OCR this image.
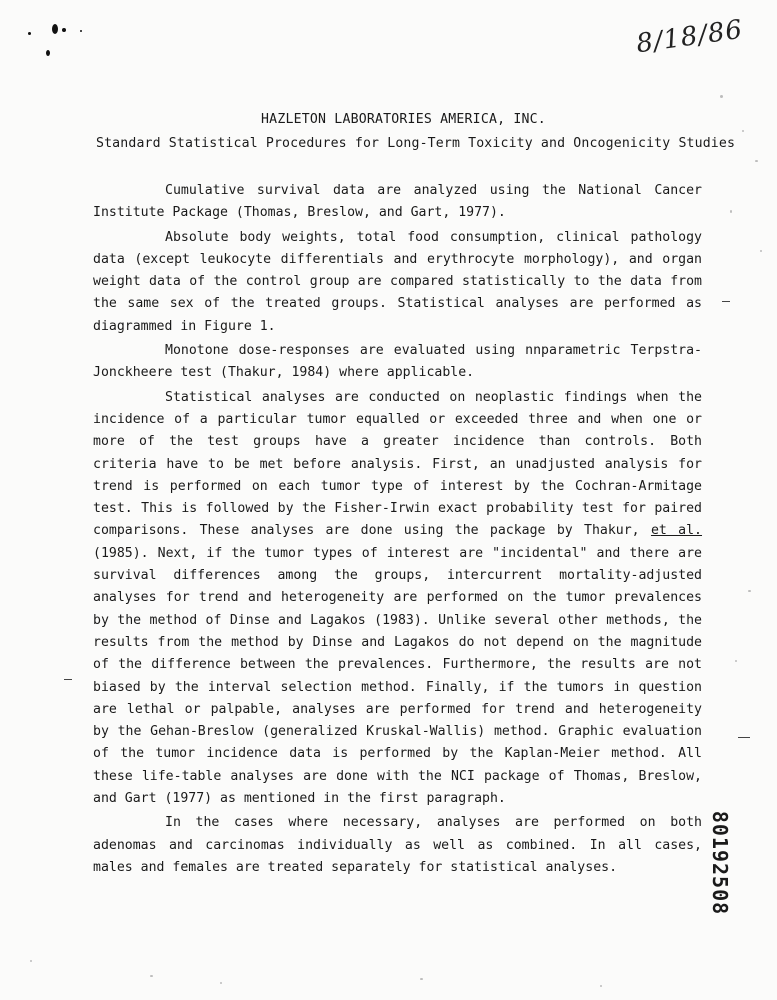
8/18/86
HAZLETON LABORATORIES AMERICA, INC.
Standard Statistical Procedures for Long-Term Toxicity and Oncogenicity Studies

Cumulative survival data are analyzed using the National Cancer Institute Package (Thomas, Breslow, and Gart, 1977).

Absolute body weights, total food consumption, clinical pathology data (except leukocyte differentials and erythrocyte morphology), and organ weight data of the control group are compared statistically to the data from the same sex of the treated groups. Statistical analyses are performed as diagrammed in Figure 1.

Monotone dose-responses are evaluated using nnparametric Terpstra-Jonckheere test (Thakur, 1984) where applicable.

Statistical analyses are conducted on neoplastic findings when the incidence of a particular tumor equalled or exceeded three and when one or more of the test groups have a greater incidence than controls. Both criteria have to be met before analysis. First, an unadjusted analysis for trend is performed on each tumor type of interest by the Cochran-Armitage test. This is followed by the Fisher-Irwin exact probability test for paired comparisons. These analyses are done using the package by Thakur, et al. (1985). Next, if the tumor types of interest are "incidental" and there are survival differences among the groups, intercurrent mortality-adjusted analyses for trend and heterogeneity are performed on the tumor prevalences by the method of Dinse and Lagakos (1983). Unlike several other methods, the results from the method by Dinse and Lagakos do not depend on the magnitude of the difference between the prevalences. Furthermore, the results are not biased by the interval selection method. Finally, if the tumors in question are lethal or palpable, analyses are performed for trend and heterogeneity by the Gehan-Breslow (generalized Kruskal-Wallis) method. Graphic evaluation of the tumor incidence data is performed by the Kaplan-Meier method. All these life-table analyses are done with the NCI package of Thomas, Breslow, and Gart (1977) as mentioned in the first paragraph.

In the cases where necessary, analyses are performed on both adenomas and carcinomas individually as well as combined. In all cases, males and females are treated separately for statistical analyses.	80192508
